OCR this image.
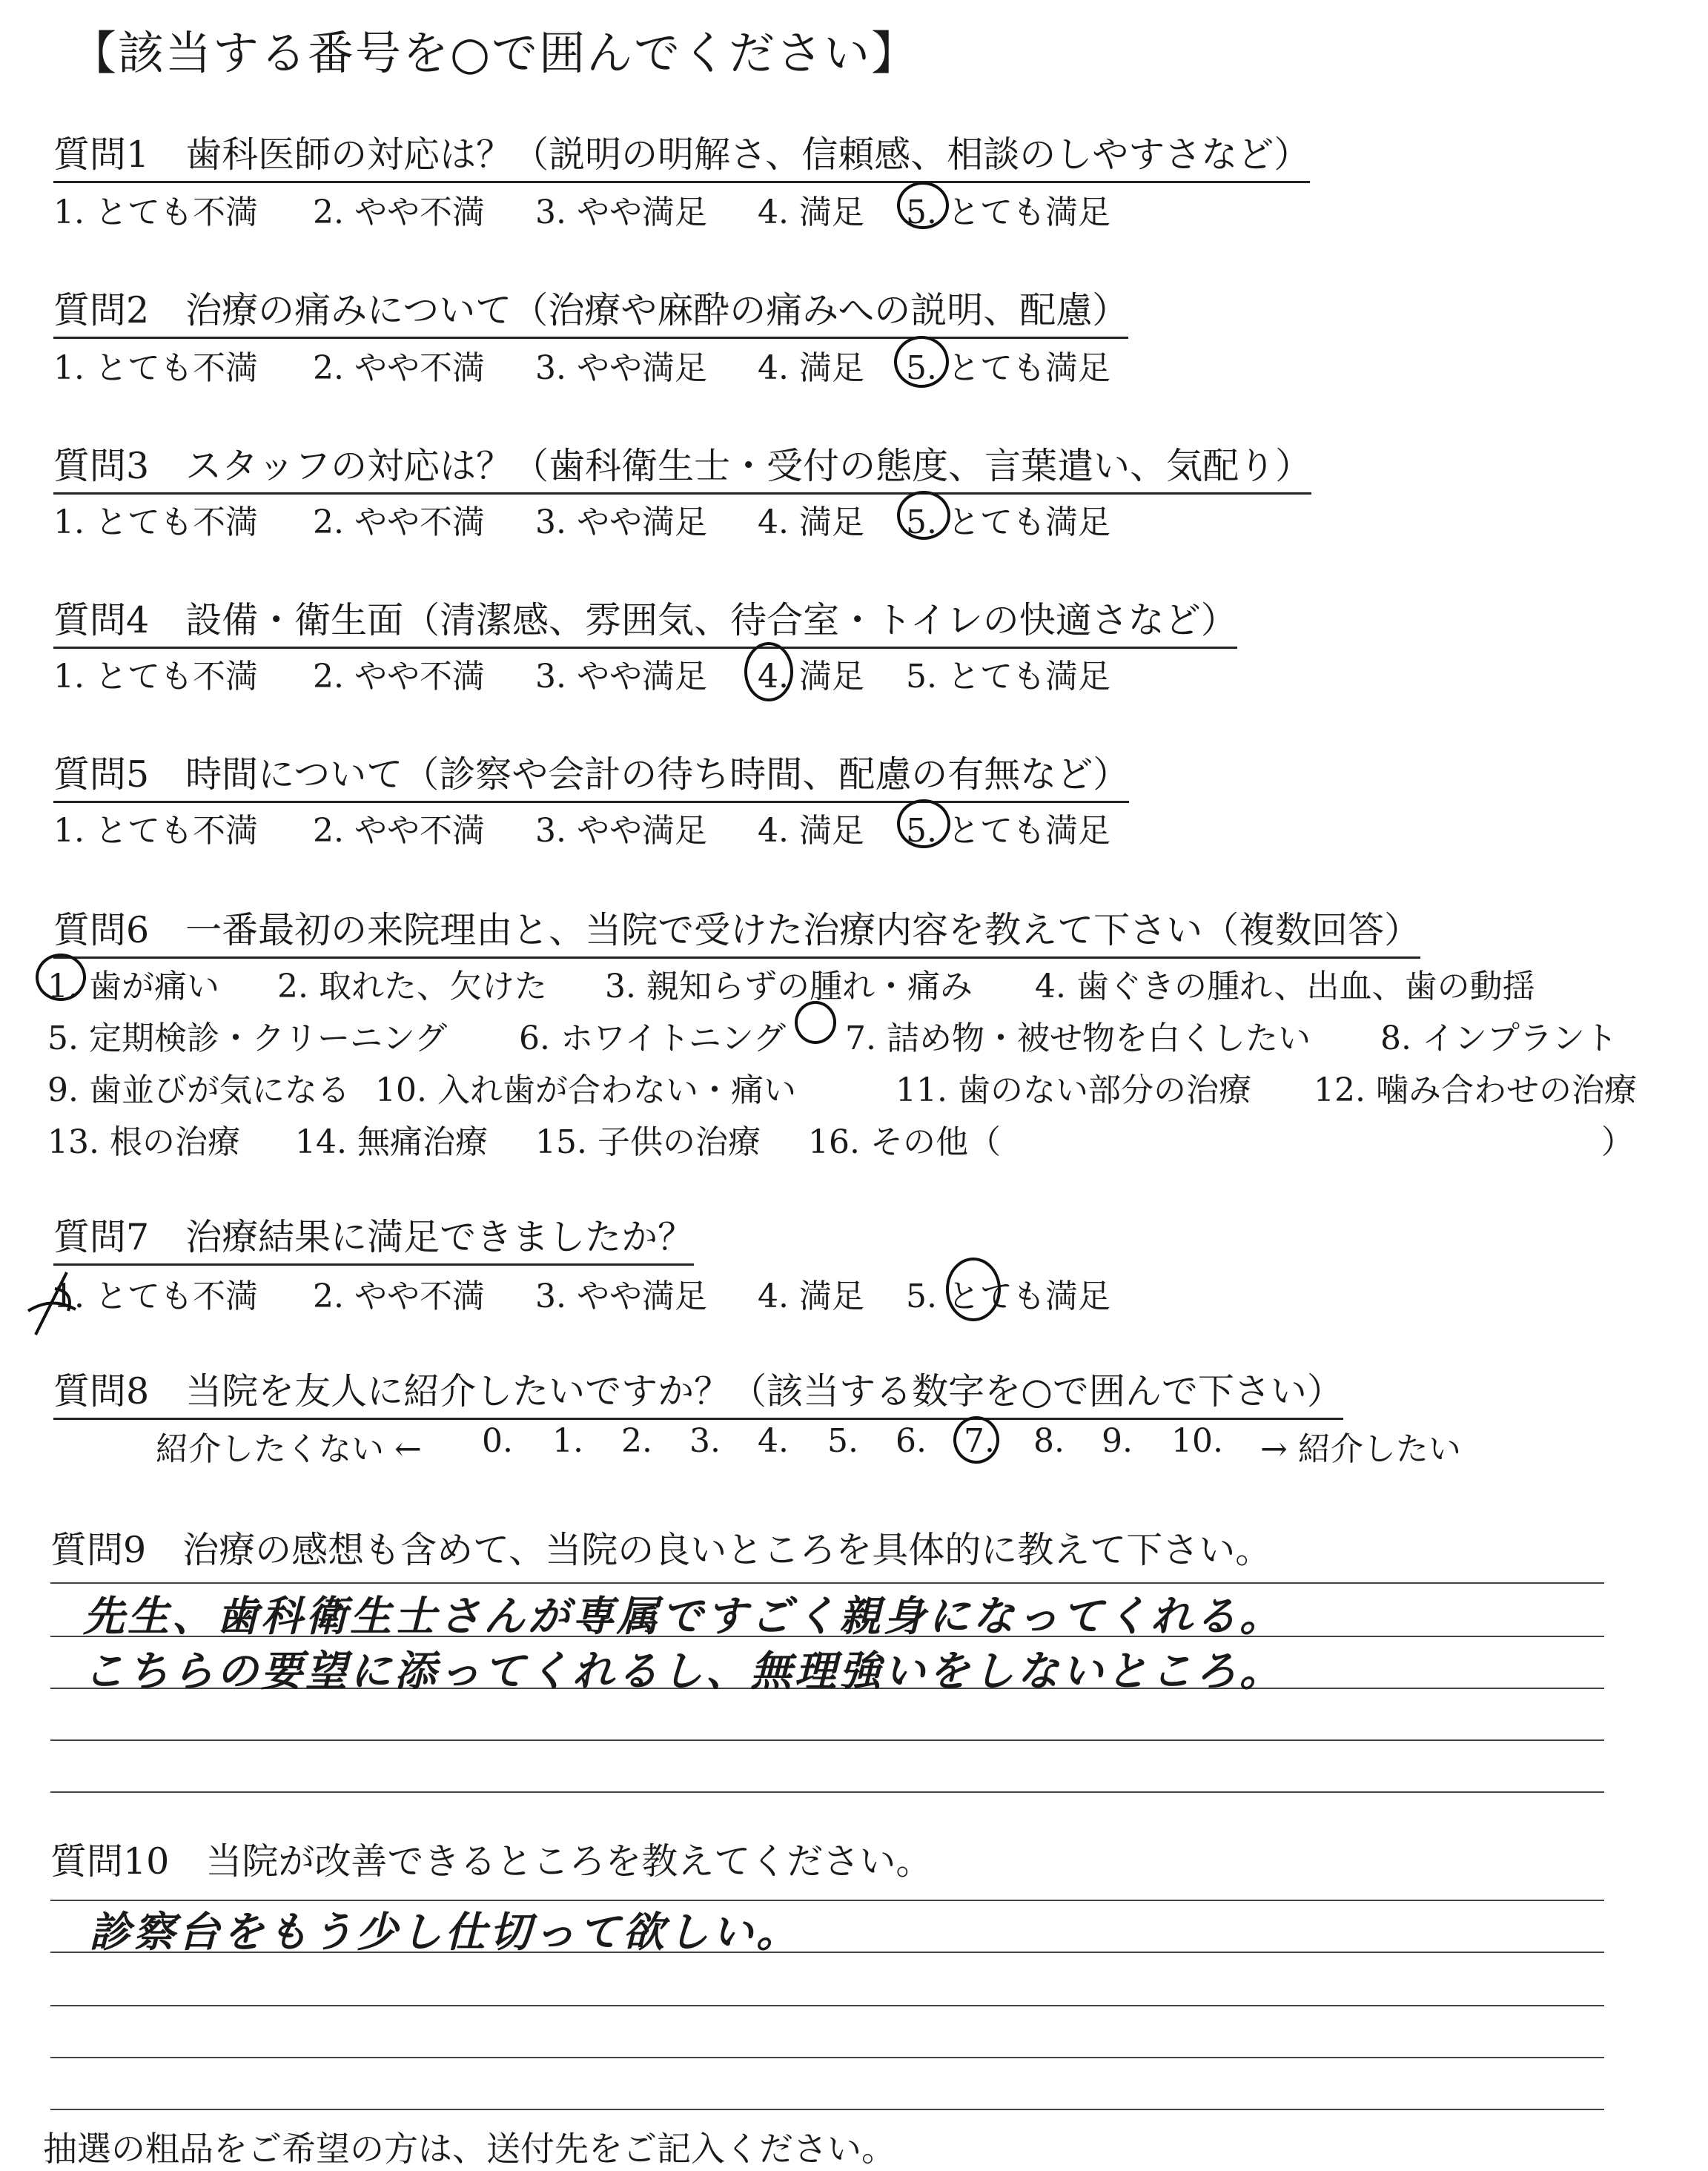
【該当する番号を○で囲んでください】
質問1　歯科医師の対応は？（説明の明解さ、信頼感、相談のしやすさなど）
1. とても不満 2. やや不満 3. やや満足 4. 満足 5. とても満足
質問2　治療の痛みについて（治療や麻酔の痛みへの説明、配慮）
1. とても不満 2. やや不満 3. やや満足 4. 満足 5. とても満足
質問3　スタッフの対応は？（歯科衛生士・受付の態度、言葉遣い、気配り）
1. とても不満 2. やや不満 3. やや満足 4. 満足 5. とても満足
質問4　設備・衛生面（清潔感、雰囲気、待合室・トイレの快適さなど）
1. とても不満 2. やや不満 3. やや満足 4. 満足 5. とても満足
質問5　時間について（診察や会計の待ち時間、配慮の有無など）
1. とても不満 2. やや不満 3. やや満足 4. 満足 5. とても満足
質問6　一番最初の来院理由と、当院で受けた治療内容を教えて下さい（複数回答）
1. 歯が痛い 2. 取れた、欠けた 3. 親知らずの腫れ・痛み 4. 歯ぐきの腫れ、出血、歯の動揺
5. 定期検診・クリーニング 6. ホワイトニング 7. 詰め物・被せ物を白くしたい 8. インプラント
9. 歯並びが気になる 10. 入れ歯が合わない・痛い	11. 歯のない部分の治療 12. 噛み合わせの治療
13. 根の治療 14. 無痛治療 15. 子供の治療 16. その他（	）
質問7　治療結果に満足できましたか？
1. とても不満 2. やや不満 3. やや満足 4. 満足 5. とても満足
質問8　当院を友人に紹介したいですか？（該当する数字を○で囲んで下さい）
紹介したくない ← 0. 1. 2. 3. 4. 5. 6. 7. 8. 9. 10. → 紹介したい
質問9　治療の感想も含めて、当院の良いところを具体的に教えて下さい。
先生、歯科衛生士さんが専属ですごく親身になってくれる。
こちらの要望に添ってくれるし、無理強いをしないところ。
質問10　当院が改善できるところを教えてください。
診察台をもう少し仕切って欲しい。
抽選の粗品をご希望の方は、送付先をご記入ください。
